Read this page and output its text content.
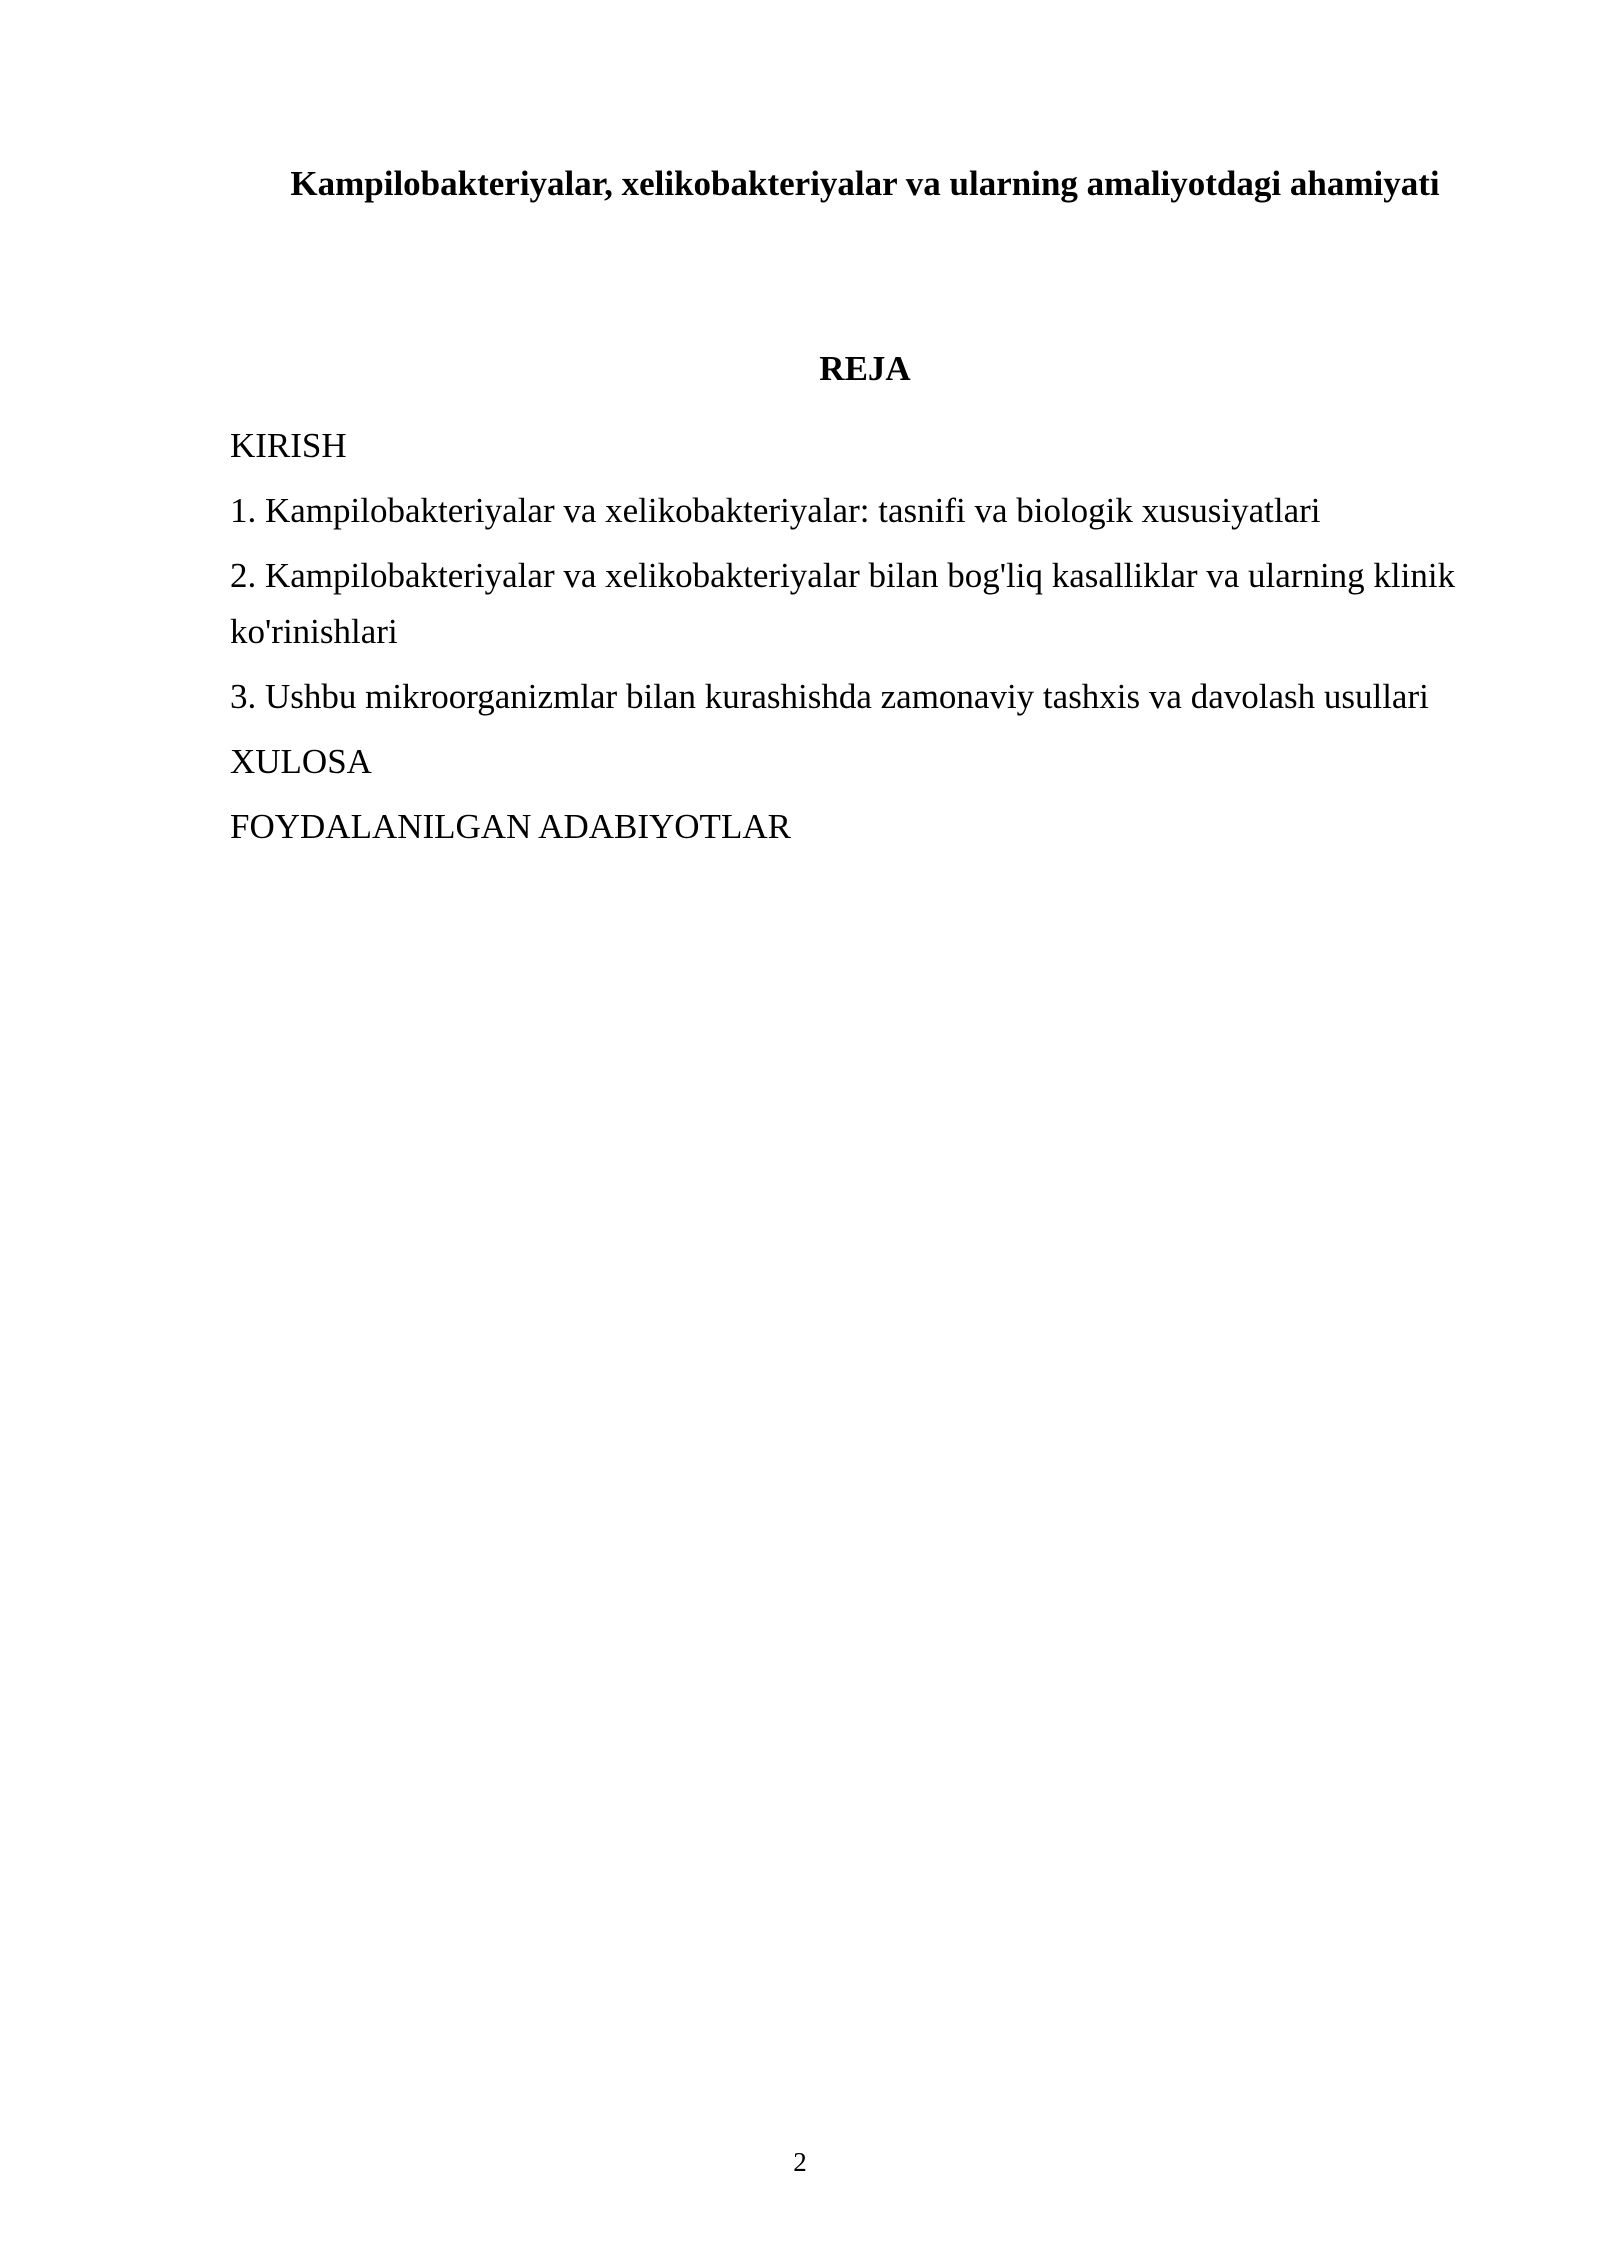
Kampilobakteriyalar, xelikobakteriyalar va ularning amaliyotdagi ahamiyati
REJA
KIRISH
1. Kampilobakteriyalar va xelikobakteriyalar: tasnifi va biologik xususiyatlari
2. Kampilobakteriyalar va xelikobakteriyalar bilan bog'liq kasalliklar va ularning klinik ko'rinishlari
3. Ushbu mikroorganizmlar bilan kurashishda zamonaviy tashxis va davolash usullari
XULOSA
FOYDALANILGAN ADABIYOTLAR
2
